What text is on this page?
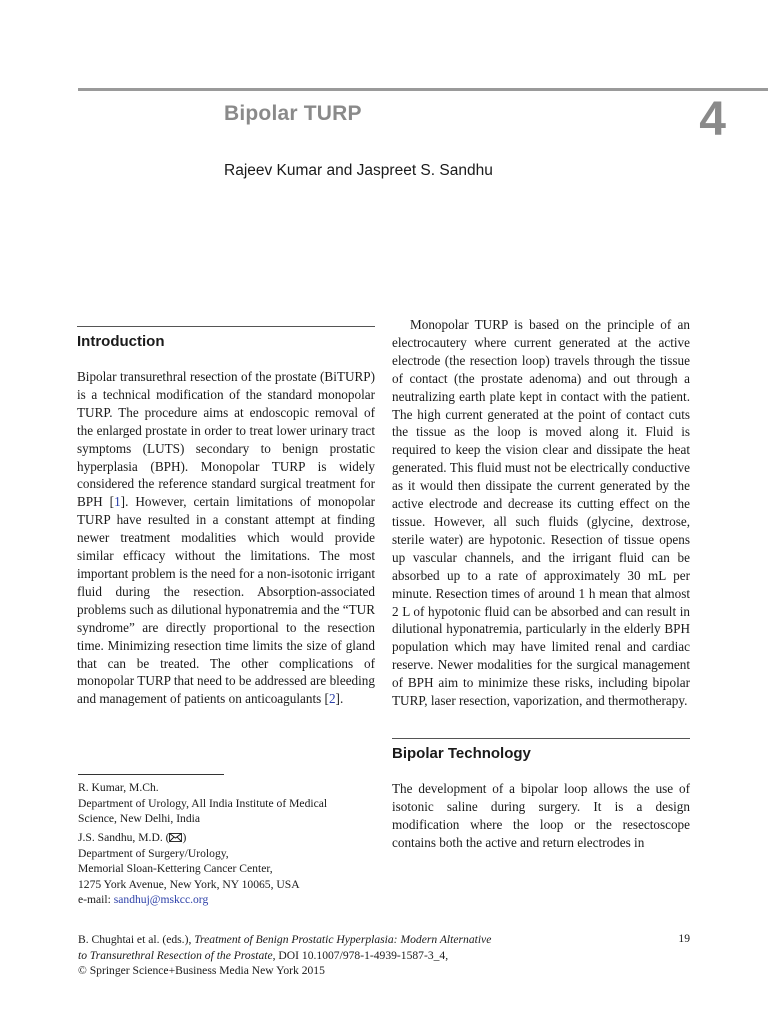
Bipolar TURP	4
Rajeev Kumar and Jaspreet S. Sandhu
Introduction

Bipolar transurethral resection of the prostate (BiTURP) is a technical modification of the standard monopolar TURP. The procedure aims at endoscopic removal of the enlarged prostate in order to treat lower urinary tract symptoms (LUTS) secondary to benign prostatic hyperplasia (BPH). Monopolar TURP is widely considered the reference standard surgical treatment for BPH [1]. However, certain limitations of monopolar TURP have resulted in a constant attempt at finding newer treatment modalities which would provide similar efficacy without the limitations. The most important problem is the need for a non-isotonic irrigant fluid during the resection. Absorption-associated problems such as dilutional hyponatremia and the “TUR syndrome” are directly proportional to the resection time. Minimizing resection time limits the size of gland that can be treated. The other complications of monopolar TURP that need to be addressed are bleeding and management of patients on anticoagulants [2].

Monopolar TURP is based on the principle of an electrocautery where current generated at the active electrode (the resection loop) travels through the tissue of contact (the prostate adenoma) and out through a neutralizing earth plate kept in contact with the patient. The high current generated at the point of contact cuts the tissue as the loop is moved along it. Fluid is required to keep the vision clear and dissipate the heat generated. This fluid must not be electrically conductive as it would then dissipate the current generated by the active electrode and decrease its cutting effect on the tissue. However, all such fluids (glycine, dextrose, sterile water) are hypotonic. Resection of tissue opens up vascular channels, and the irrigant fluid can be absorbed up to a rate of approximately 30 mL per minute. Resection times of around 1 h mean that almost 2 L of hypotonic fluid can be absorbed and can result in dilutional hyponatremia, particularly in the elderly BPH population which may have limited renal and cardiac reserve. Newer modalities for the surgical management of BPH aim to minimize these risks, including bipolar TURP, laser resection, vaporization, and thermotherapy.

Bipolar Technology

The development of a bipolar loop allows the use of isotonic saline during surgery. It is a design modification where the loop or the resectoscope contains both the active and return electrodes in

R. Kumar, M.Ch.
Department of Urology, All India Institute of Medical
Science, New Delhi, India
J.S. Sandhu, M.D. ( )
Department of Surgery/Urology,
Memorial Sloan-Kettering Cancer Center,
1275 York Avenue, New York, NY 10065, USA
e-mail: sandhuj@mskcc.org
B. Chughtai et al. (eds.), Treatment of Benign Prostatic Hyperplasia: Modern Alternative
to Transurethral Resection of the Prostate, DOI 10.1007/978-1-4939-1587-3_4,
© Springer Science+Business Media New York 2015
19
